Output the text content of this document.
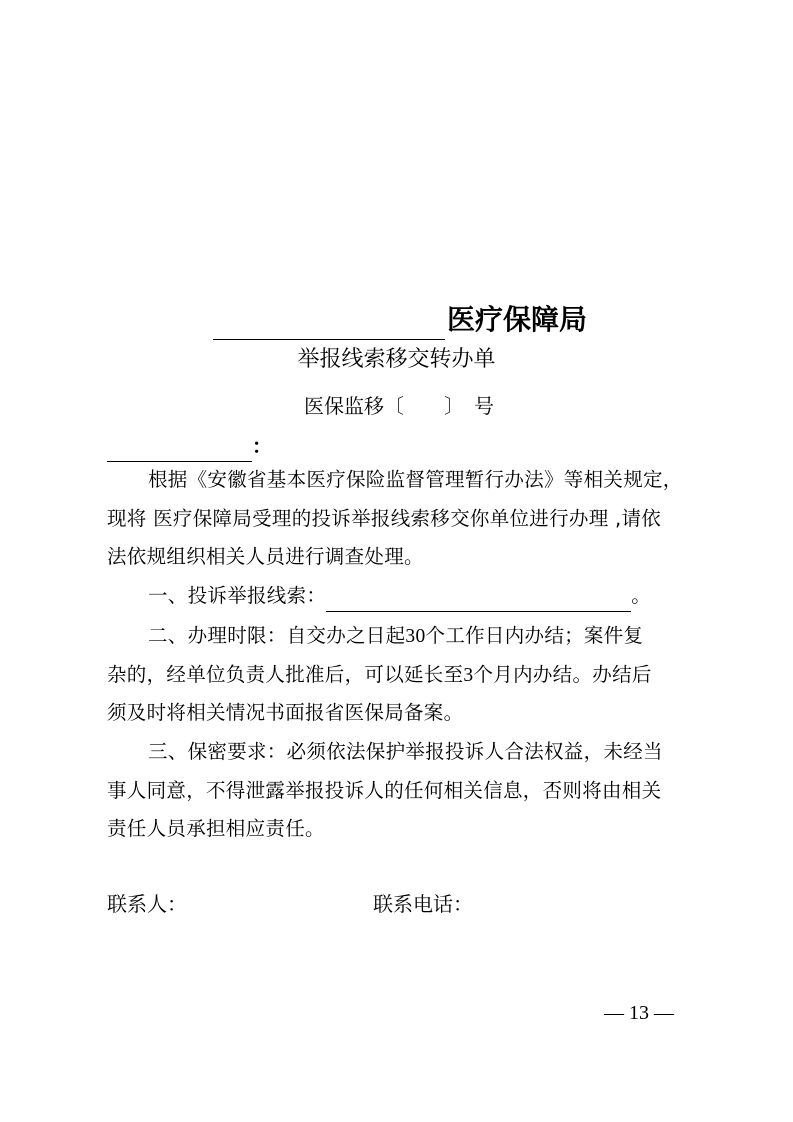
医疗保障局
举报线索移交转办单
医保监移〔　　〕　号
：
根据《安徽省基本医疗保险监督管理暂行办法》等相关规定，
现将 医疗保障局受理的投诉举报线索移交你单位进行办理 ,请依
法依规组织相关人员进行调查处理。
一、投诉举报线索：	。
二、办理时限：自交办之日起30个工作日内办结；案件复
杂的，经单位负责人批准后，可以延长至3个月内办结。办结后
须及时将相关情况书面报省医保局备案。
三、保密要求：必须依法保护举报投诉人合法权益，未经当
事人同意，不得泄露举报投诉人的任何相关信息，否则将由相关
责任人员承担相应责任。
联系人：	联系电话：
— 13 —
